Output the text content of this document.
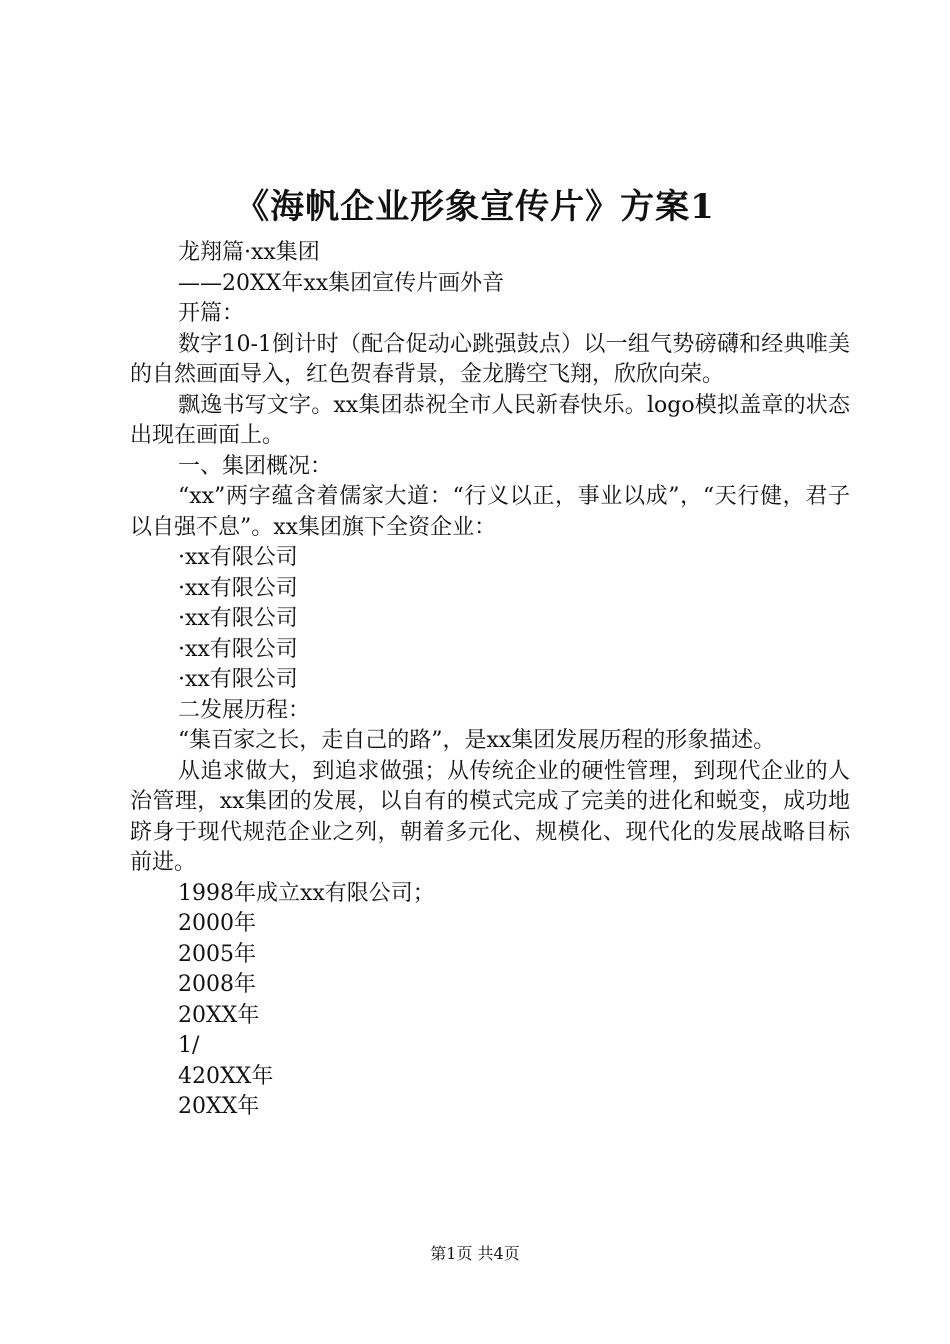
《海帆企业形象宣传片》方案1

龙翔篇·xx集团

——20XX年xx集团宣传片画外音

开篇：

数字10-1倒计时（配合促动心跳强鼓点）以一组气势磅礴和经典唯美的自然画面导入，红色贺春背景，金龙腾空飞翔，欣欣向荣。

飘逸书写文字。xx集团恭祝全市人民新春快乐。logo模拟盖章的状态出现在画面上。

一、集团概况：

“xx”两字蕴含着儒家大道：“行义以正，事业以成”，“天行健，君子以自强不息”。xx集团旗下全资企业：

·xx有限公司

·xx有限公司

·xx有限公司

·xx有限公司

·xx有限公司

二发展历程：

“集百家之长，走自己的路”，是xx集团发展历程的形象描述。

从追求做大，到追求做强；从传统企业的硬性管理，到现代企业的人治管理，xx集团的发展，以自有的模式完成了完美的进化和蜕变，成功地跻身于现代规范企业之列，朝着多元化、规模化、现代化的发展战略目标前进。

1998年成立xx有限公司；

2000年

2005年

2008年

20XX年

1/

420XX年

20XX年

第1页 共4页
